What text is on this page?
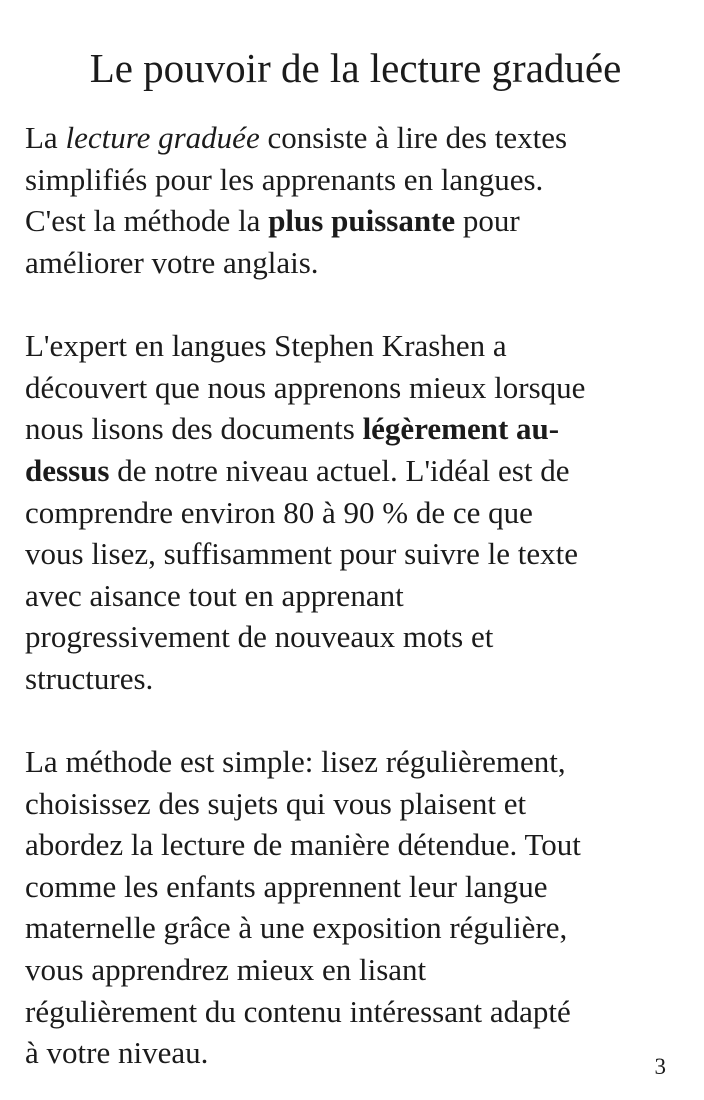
Le pouvoir de la lecture graduée
La lecture graduée consiste à lire des textes
simplifiés pour les apprenants en langues.
C'est la méthode la plus puissante pour
améliorer votre anglais.
L'expert en langues Stephen Krashen a
découvert que nous apprenons mieux lorsque
nous lisons des documents légèrement au-
dessus de notre niveau actuel. L'idéal est de
comprendre environ 80 à 90 % de ce que
vous lisez, suffisamment pour suivre le texte
avec aisance tout en apprenant
progressivement de nouveaux mots et
structures.
La méthode est simple: lisez régulièrement,
choisissez des sujets qui vous plaisent et
abordez la lecture de manière détendue. Tout
comme les enfants apprennent leur langue
maternelle grâce à une exposition régulière,
vous apprendrez mieux en lisant
régulièrement du contenu intéressant adapté
à votre niveau.	3
